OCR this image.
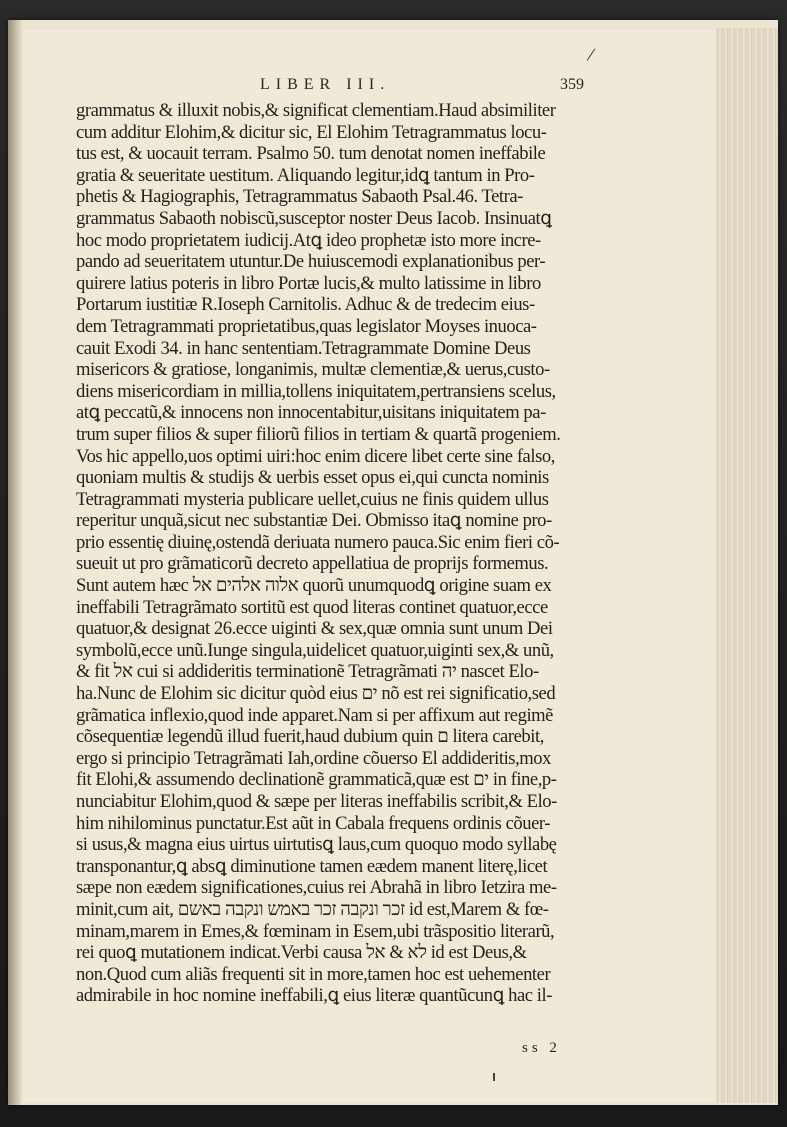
/
LIBER III.	359
grammatus & illuxit nobis,& significat clementiam.Haud absimiliter
cum additur Elohim,& dicitur sic, El Elohim Tetragrammatus locu-
tus est, & uocauit terram. Psalmo 50. tum denotat nomen ineffabile
gratia & seueritate uestitum. Aliquando legitur,id​ꝗ tantum in Pro-
phetis & Hagiographis, Tetragrammatus Sabaoth Psal.46. Tetra-
grammatus Sabaoth nobiscũ,susceptor noster Deus Iacob. Insinuat​ꝗ
hoc modo proprietatem iudicij.At​ꝗ ideo prophetæ isto more incre-
pando ad seueritatem utuntur.De huiuscemodi explanationibus per-
quirere latius poteris in libro Portæ lucis,& multo latissime in libro
Portarum iustitiæ R.Ioseph Carnitolis. Adhuc & de tredecim eius-
dem Tetragrammati proprietatibus,quas legislator Moyses inuoca-
cauit Exodi 34. in hanc sententiam.Tetragrammate Domine Deus
misericors & gratiose, longanimis, multæ clementiæ,& uerus,custo-
diens misericordiam in millia,tollens iniquitatem,pertransiens scelus,
at​ꝗ peccatũ,& innocens non innocentabitur,uisitans iniquitatem pa-
trum super filios & super filiorũ filios in tertiam & quartã progeniem.
Vos hic appello,uos optimi uiri:hoc enim dicere libet certe sine falso,
quoniam multis & studijs & uerbis esset opus ei,qui cuncta nominis
Tetragrammati mysteria publicare uellet,cuius ne finis quidem ullus
reperitur unquã,sicut nec substantiæ Dei. Obmisso ita​ꝗ nomine pro-
prio essentię diuinę,ostendã deriuata numero pauca.Sic enim fieri cõ-
sueuit ut pro grãmaticorũ decreto appellatiua de proprijs formemus.
Sunt autem hæc אלוה אלהים אל quorũ unumquod​ꝗ origine suam ex
ineffabili Tetragrãmato sortitũ est quod literas continet quatuor,ecce
quatuor,& designat 26.ecce uiginti & sex,quæ omnia sunt unum Dei
symbolũ,ecce unũ.Iunge singula,uidelicet quatuor,uiginti sex,& unũ,
& fit אל cui si addideritis terminationẽ Tetragrãmati יה nascet Elo-
ha.Nunc de Elohim sic dicitur quòd eius ים nõ est rei significatio,sed
grãmatica inflexio,quod inde apparet.Nam si per affixum aut regimẽ
cõsequentiæ legendũ illud fuerit,haud dubium quin ם litera carebit,
ergo si principio Tetragrãmati Iah,ordine cõuerso El addideritis,mox
fit Elohi,& assumendo declinationẽ grammaticã,quæ est ים in fine,p-
nunciabitur Elohim,quod & sæpe per literas ineffabilis scribit,& Elo-
him nihilominus punctatur.Est aũt in Cabala frequens ordinis cõuer-
si usus,& magna eius uirtus uirtutis​ꝗ laus,cum quoquo modo syllabę
transponantur,ꝗ abs​ꝗ diminutione tamen eædem manent literę,licet
sæpe non eædem significationes,cuius rei Abrahã in libro Ietzira me-
minit,cum ait, זכר ונקבה זכר באמש ונקבה באשם id est,Marem & fœ-
minam,marem in Emes,& fœminam in Esem,ubi trãspositio literarũ,
rei quo​ꝗ mutationem indicat.Verbi causa לא & אל id est Deus,&
non.Quod cum aliãs frequenti sit in more,tamen hoc est uehementer
admirabile in hoc nomine ineffabili,ꝗ eius literæ quantũcun​ꝗ hac il-
ss 2
